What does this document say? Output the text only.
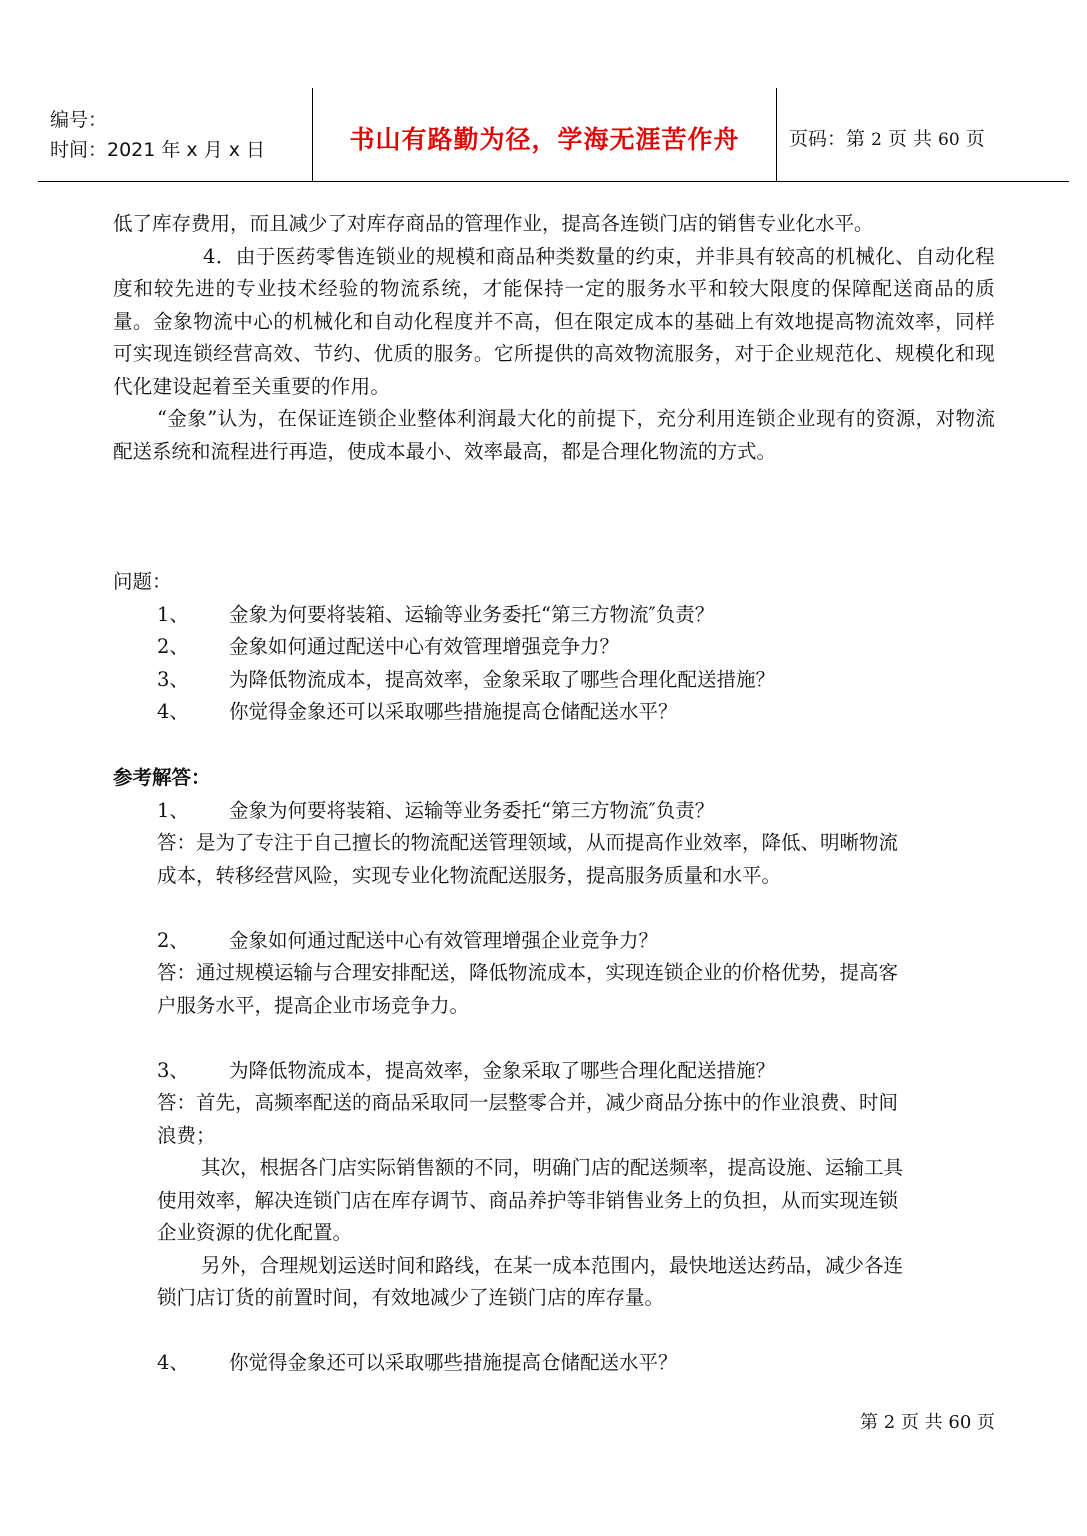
编号：
时间：2021 年 x 月 x 日	书山有路勤为径，学海无涯苦作舟	页码：第 2 页 共 60 页
低了库存费用，而且减少了对库存商品的管理作业，提高各连锁门店的销售专业化水平。

4．由于医药零售连锁业的规模和商品种类数量的约束，并非具有较高的机械化、自动化程度和较先进的专业技术经验的物流系统，才能保持一定的服务水平和较大限度的保障配送商品的质量。金象物流中心的机械化和自动化程度并不高，但在限定成本的基础上有效地提高物流效率，同样可实现连锁经营高效、节约、优质的服务。它所提供的高效物流服务，对于企业规范化、规模化和现代化建设起着至关重要的作用。

“金象”认为，在保证连锁企业整体利润最大化的前提下，充分利用连锁企业现有的资源，对物流配送系统和流程进行再造，使成本最小、效率最高，都是合理化物流的方式。

问题：
1、 金象为何要将装箱、运输等业务委托“第三方物流″负责？
2、 金象如何通过配送中心有效管理增强竞争力？
3、 为降低物流成本，提高效率，金象采取了哪些合理化配送措施？
4、 你觉得金象还可以采取哪些措施提高仓储配送水平？
参考解答：
1、 金象为何要将装箱、运输等业务委托“第三方物流″负责？
答：是为了专注于自己擅长的物流配送管理领域，从而提高作业效率，降低、明晰物流
成本，转移经营风险，实现专业化物流配送服务，提高服务质量和水平。
2、 金象如何通过配送中心有效管理增强企业竞争力？
答：通过规模运输与合理安排配送，降低物流成本，实现连锁企业的价格优势，提高客
户服务水平，提高企业市场竞争力。
3、 为降低物流成本，提高效率，金象采取了哪些合理化配送措施？
答：首先，高频率配送的商品采取同一层整零合并，减少商品分拣中的作业浪费、时间
浪费；
其次，根据各门店实际销售额的不同，明确门店的配送频率，提高设施、运输工具
使用效率，解决连锁门店在库存调节、商品养护等非销售业务上的负担，从而实现连锁
企业资源的优化配置。
另外，合理规划运送时间和路线，在某一成本范围内，最快地送达药品，减少各连
锁门店订货的前置时间，有效地减少了连锁门店的库存量。
4、 你觉得金象还可以采取哪些措施提高仓储配送水平？
第 2 页 共 60 页
